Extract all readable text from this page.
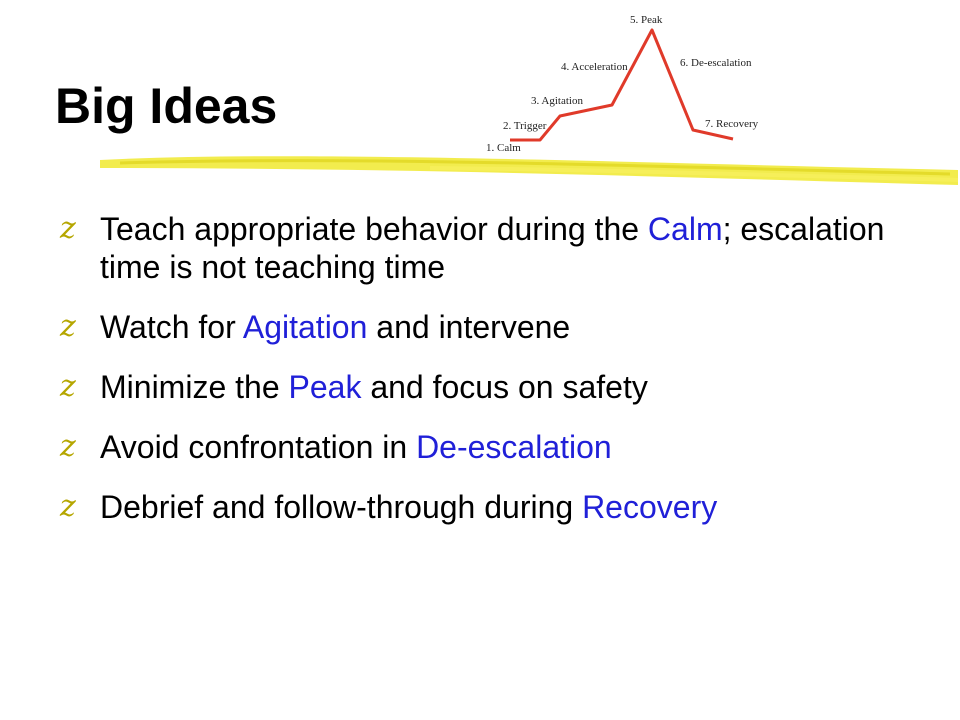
1. Calm
2. Trigger
3. Agitation
4. Acceleration
5. Peak
6. De-escalation
7. Recovery
Big Ideas
z Teach appropriate behavior during the Calm; escalation time is not teaching time
z Watch for Agitation and intervene
z Minimize the Peak and focus on safety
z Avoid confrontation in De-escalation
z Debrief and follow-through during Recovery
